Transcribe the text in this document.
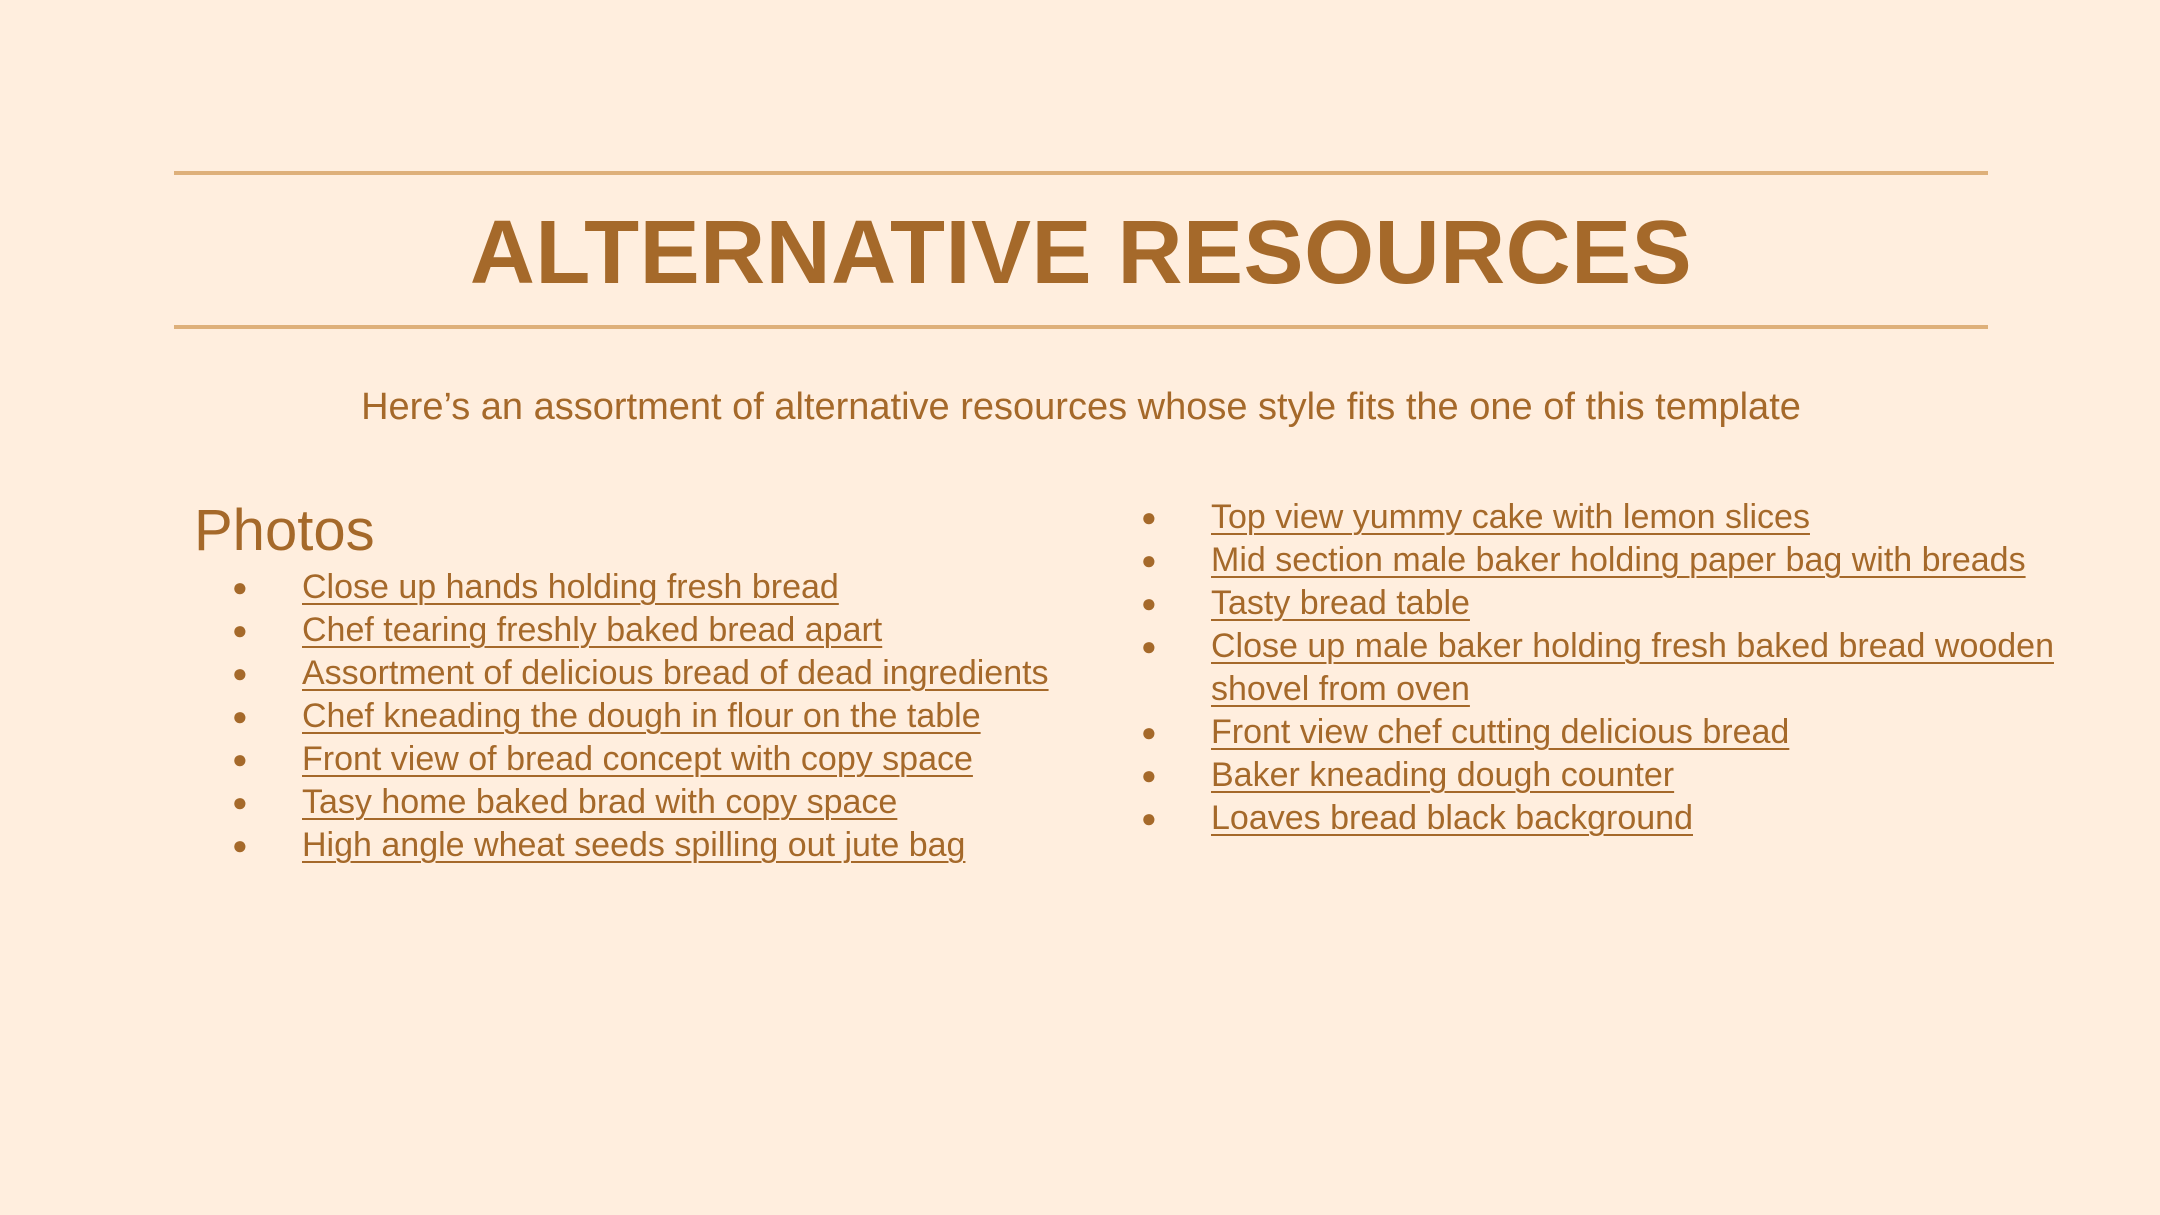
ALTERNATIVE RESOURCES

Here’s an assortment of alternative resources whose style fits the one of this template

Photos
● Close up hands holding fresh bread
● Chef tearing freshly baked bread apart
● Assortment of delicious bread of dead ingredients
● Chef kneading the dough in flour on the table
● Front view of bread concept with copy space
● Tasy home baked brad with copy space
● High angle wheat seeds spilling out jute bag
● Top view yummy cake with lemon slices
● Mid section male baker holding paper bag with breads
● Tasty bread table
● Close up male baker holding fresh baked bread wooden shovel from oven
● Front view chef cutting delicious bread
● Baker kneading dough counter
● Loaves bread black background
